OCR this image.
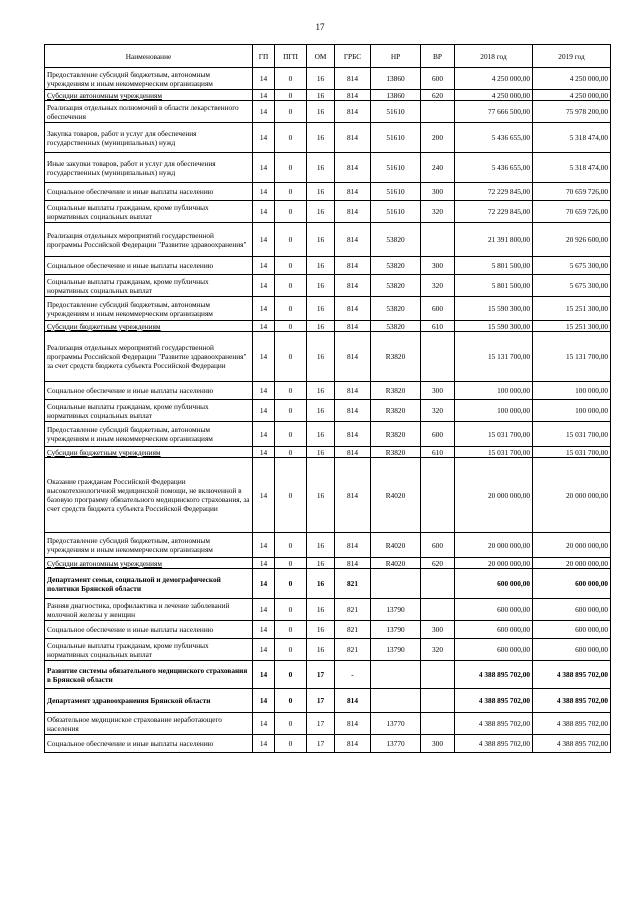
17
Наименование	ГП	ПГП	ОМ	ГРБС	НР	ВР	2018 год	2019 год
Предоставление субсидий бюджетным, автономным учреждениям и иным некоммерческим организациям	14	0	16	814	13860	600	4 250 000,00	4 250 000,00
Субсидии автономным учреждениям	14	0	16	814	13860	620	4 250 000,00	4 250 000,00
Реализация отдельных полномочий в области лекарственного обеспечения	14	0	16	814	51610		77 666 500,00	75 978 200,00
Закупка товаров, работ и услуг для обеспечения государственных (муниципальных) нужд	14	0	16	814	51610	200	5 436 655,00	5 318 474,00
Иные закупки товаров, работ и услуг для обеспечения государственных (муниципальных) нужд	14	0	16	814	51610	240	5 436 655,00	5 318 474,00
Социальное обеспечение и иные выплаты населению	14	0	16	814	51610	300	72 229 845,00	70 659 726,00
Социальные выплаты гражданам, кроме публичных нормативных социальных выплат	14	0	16	814	51610	320	72 229 845,00	70 659 726,00
Реализация отдельных мероприятий государственной программы Российской Федерации "Развитие здравоохранения"	14	0	16	814	53820		21 391 800,00	20 926 600,00
Социальное обеспечение и иные выплаты населению	14	0	16	814	53820	300	5 801 500,00	5 675 300,00
Социальные выплаты гражданам, кроме публичных нормативных социальных выплат	14	0	16	814	53820	320	5 801 500,00	5 675 300,00
Предоставление субсидий бюджетным, автономным учреждениям и иным некоммерческим организациям	14	0	16	814	53820	600	15 590 300,00	15 251 300,00
Субсидии бюджетным учреждениям	14	0	16	814	53820	610	15 590 300,00	15 251 300,00
Реализация отдельных мероприятий государственной программы Российской Федерации "Развитие здравоохранения" за счет средств бюджета субъекта Российской Федерации	14	0	16	814	R3820		15 131 700,00	15 131 700,00
Социальное обеспечение и иные выплаты населению	14	0	16	814	R3820	300	100 000,00	100 000,00
Социальные выплаты гражданам, кроме публичных нормативных социальных выплат	14	0	16	814	R3820	320	100 000,00	100 000,00
Предоставление субсидий бюджетным, автономным учреждениям и иным некоммерческим организациям	14	0	16	814	R3820	600	15 031 700,00	15 031 700,00
Субсидии бюджетным учреждениям	14	0	16	814	R3820	610	15 031 700,00	15 031 700,00
Оказание гражданам Российской Федерации высокотехнологичной медицинской помощи, не включенной в базовую программу обязательного медицинского страхования, за счет средств бюджета субъекта Российской Федерации	14	0	16	814	R4020		20 000 000,00	20 000 000,00
Предоставление субсидий бюджетным, автономным учреждениям и иным некоммерческим организациям	14	0	16	814	R4020	600	20 000 000,00	20 000 000,00
Субсидии автономным учреждениям	14	0	16	814	R4020	620	20 000 000,00	20 000 000,00
Департамент семьи, социальной и демографической политики Брянской области	14	0	16	821			600 000,00	600 000,00
Ранняя диагностика, профилактика и лечение заболеваний молочной железы у женщин	14	0	16	821	13790		600 000,00	600 000,00
Социальное обеспечение и иные выплаты населению	14	0	16	821	13790	300	600 000,00	600 000,00
Социальные выплаты гражданам, кроме публичных нормативных социальных выплат	14	0	16	821	13790	320	600 000,00	600 000,00
Развитие системы обязательного медицинского страхования в Брянской области	14	0	17	-			4 388 895 702,00	4 388 895 702,00
Департамент здравоохранения Брянской области	14	0	17	814			4 388 895 702,00	4 388 895 702,00
Обязательное медицинское страхование неработающего населения	14	0	17	814	13770		4 388 895 702,00	4 388 895 702,00
Социальное обеспечение и иные выплаты населению	14	0	17	814	13770	300	4 388 895 702,00	4 388 895 702,00
